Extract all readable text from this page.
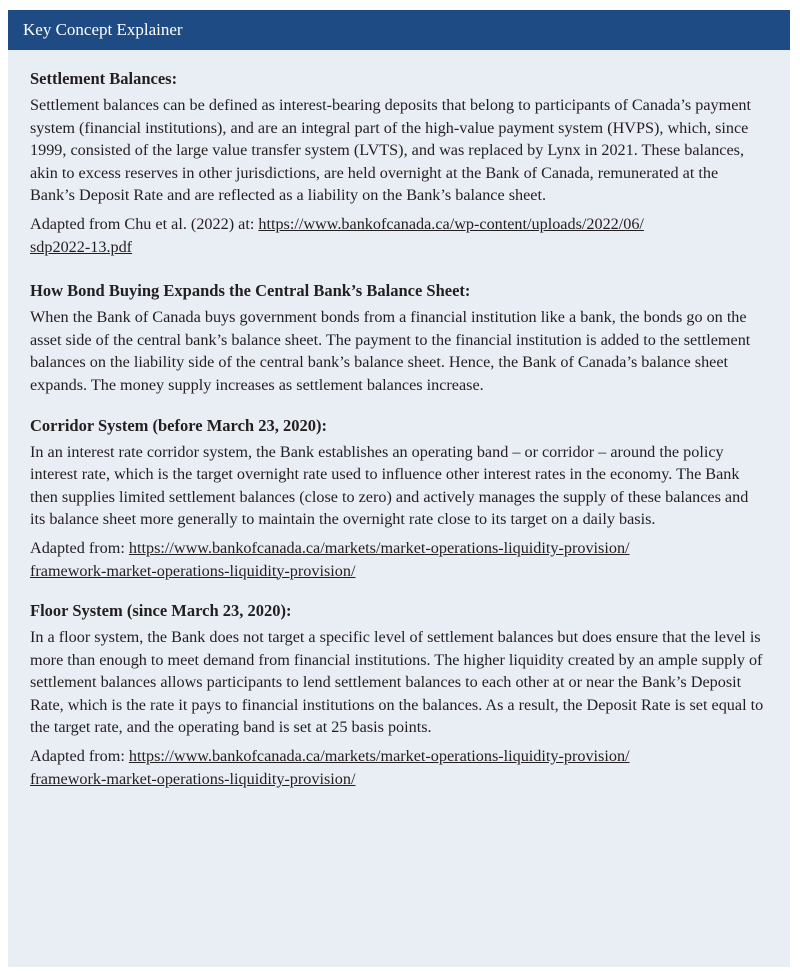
Key Concept Explainer
Settlement Balances:

Settlement balances can be defined as interest-bearing deposits that belong to participants of Canada’s payment system (financial institutions), and are an integral part of the high-value payment system (HVPS), which, since 1999, consisted of the large value transfer system (LVTS), and was replaced by Lynx in 2021. These balances, akin to excess reserves in other jurisdictions, are held overnight at the Bank of Canada, remunerated at the Bank’s Deposit Rate and are reflected as a liability on the Bank’s balance sheet.

Adapted from Chu et al. (2022) at: https://www.bankofcanada.ca/wp-content/uploads/2022/06/
sdp2022-13.pdf

How Bond Buying Expands the Central Bank’s Balance Sheet:

When the Bank of Canada buys government bonds from a financial institution like a bank, the bonds go on the asset side of the central bank’s balance sheet. The payment to the financial institution is added to the settlement balances on the liability side of the central bank’s balance sheet. Hence, the Bank of Canada’s balance sheet expands. The money supply increases as settlement balances increase.

Corridor System (before March 23, 2020):

In an interest rate corridor system, the Bank establishes an operating band – or corridor – around the policy interest rate, which is the target overnight rate used to influence other interest rates in the economy. The Bank then supplies limited settlement balances (close to zero) and actively manages the supply of these balances and its balance sheet more generally to maintain the overnight rate close to its target on a daily basis.

Adapted from: https://www.bankofcanada.ca/markets/market-operations-liquidity-provision/
framework-market-operations-liquidity-provision/

Floor System (since March 23, 2020):

In a floor system, the Bank does not target a specific level of settlement balances but does ensure that the level is more than enough to meet demand from financial institutions. The higher liquidity created by an ample supply of settlement balances allows participants to lend settlement balances to each other at or near the Bank’s Deposit Rate, which is the rate it pays to financial institutions on the balances. As a result, the Deposit Rate is set equal to the target rate, and the operating band is set at 25 basis points.

Adapted from: https://www.bankofcanada.ca/markets/market-operations-liquidity-provision/
framework-market-operations-liquidity-provision/
